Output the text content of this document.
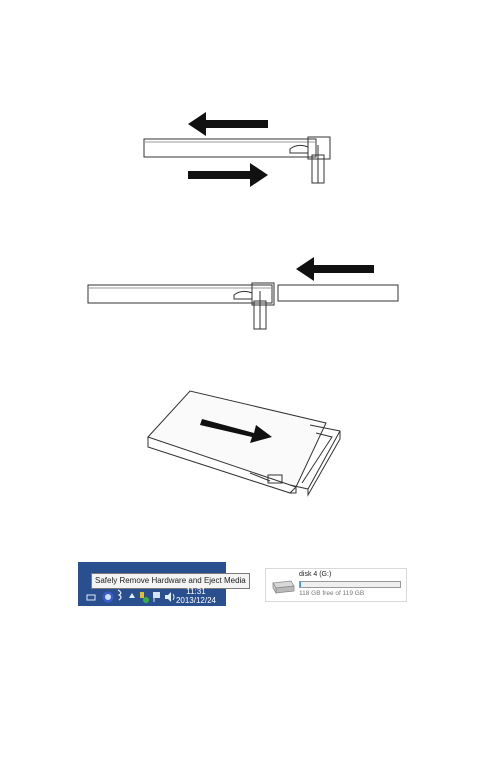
Safely Remove Hardware and Eject Media
11:31
2013/12/24
disk 4 (G:)
118 GB free of 119 GB
